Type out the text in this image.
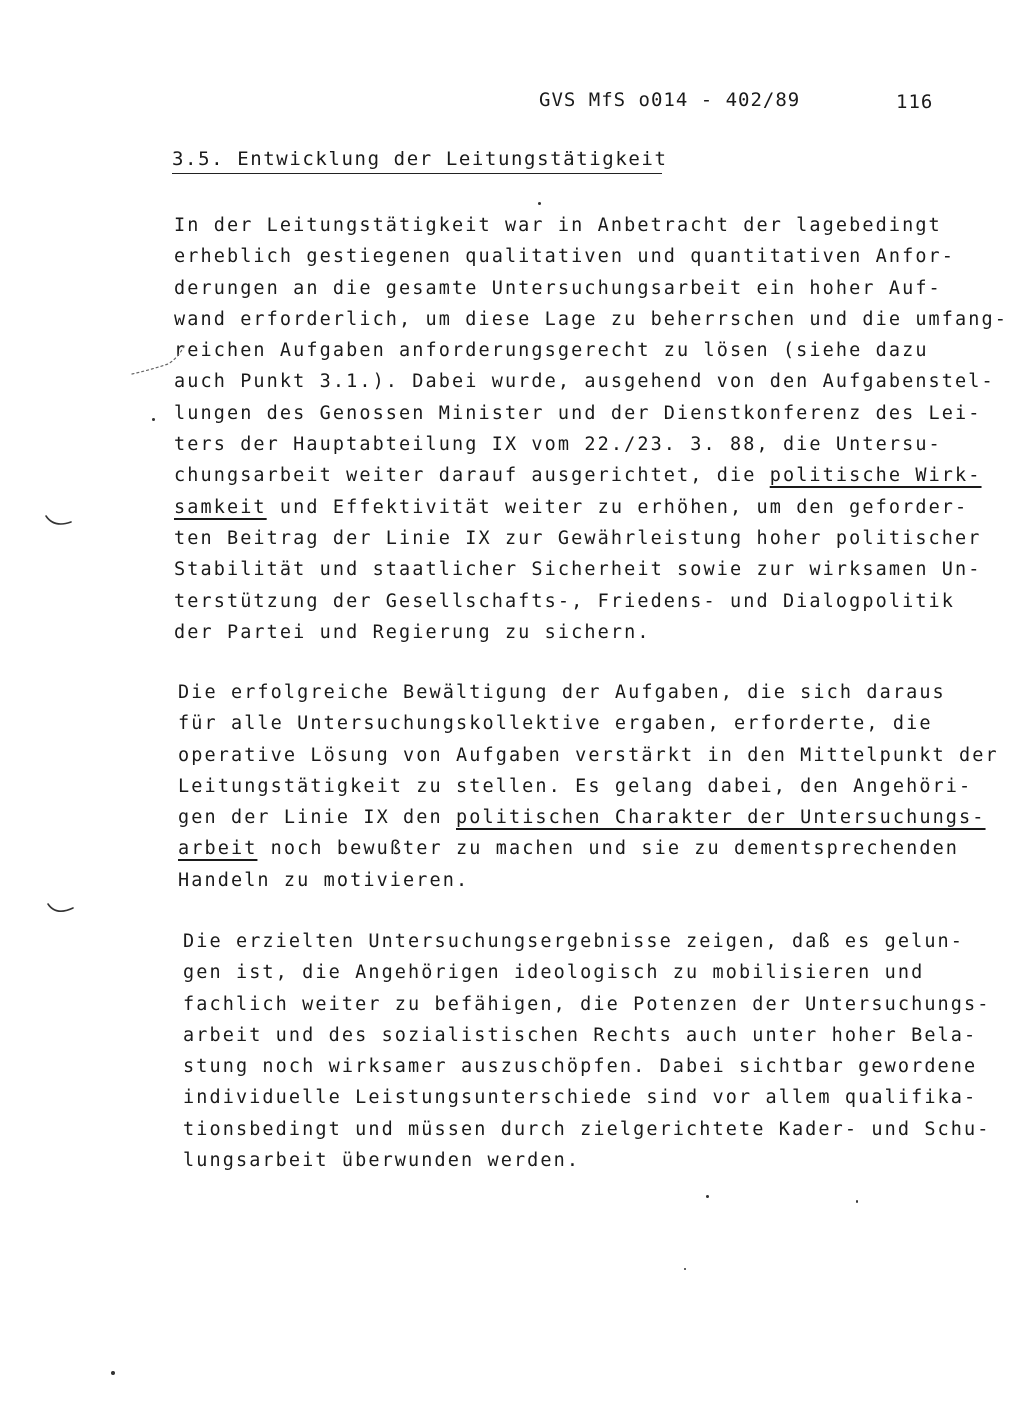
GVS MfS o014 - 402/89	116
3.5. Entwicklung der Leitungstätigkeit
In der Leitungstätigkeit war in Anbetracht der lagebedingt
erheblich gestiegenen qualitativen und quantitativen Anfor-
derungen an die gesamte Untersuchungsarbeit ein hoher Auf-
wand erforderlich, um diese Lage zu beherrschen und die umfang-
reichen Aufgaben anforderungsgerecht zu lösen (siehe dazu
auch Punkt 3.1.). Dabei wurde, ausgehend von den Aufgabenstel-
lungen des Genossen Minister und der Dienstkonferenz des Lei-
ters der Hauptabteilung IX vom 22./23. 3. 88, die Untersu-
chungsarbeit weiter darauf ausgerichtet, die politische Wirk-
samkeit und Effektivität weiter zu erhöhen, um den geforder-
ten Beitrag der Linie IX zur Gewährleistung hoher politischer
Stabilität und staatlicher Sicherheit sowie zur wirksamen Un-
terstützung der Gesellschafts-, Friedens- und Dialogpolitik
der Partei und Regierung zu sichern.
Die erfolgreiche Bewältigung der Aufgaben, die sich daraus
für alle Untersuchungskollektive ergaben, erforderte, die
operative Lösung von Aufgaben verstärkt in den Mittelpunkt der
Leitungstätigkeit zu stellen. Es gelang dabei, den Angehöri-
gen der Linie IX den politischen Charakter der Untersuchungs-
arbeit noch bewußter zu machen und sie zu dementsprechenden
Handeln zu motivieren.
Die erzielten Untersuchungsergebnisse zeigen, daß es gelun-
gen ist, die Angehörigen ideologisch zu mobilisieren und
fachlich weiter zu befähigen, die Potenzen der Untersuchungs-
arbeit und des sozialistischen Rechts auch unter hoher Bela-
stung noch wirksamer auszuschöpfen. Dabei sichtbar gewordene
individuelle Leistungsunterschiede sind vor allem qualifika-
tionsbedingt und müssen durch zielgerichtete Kader- und Schu-
lungsarbeit überwunden werden.
